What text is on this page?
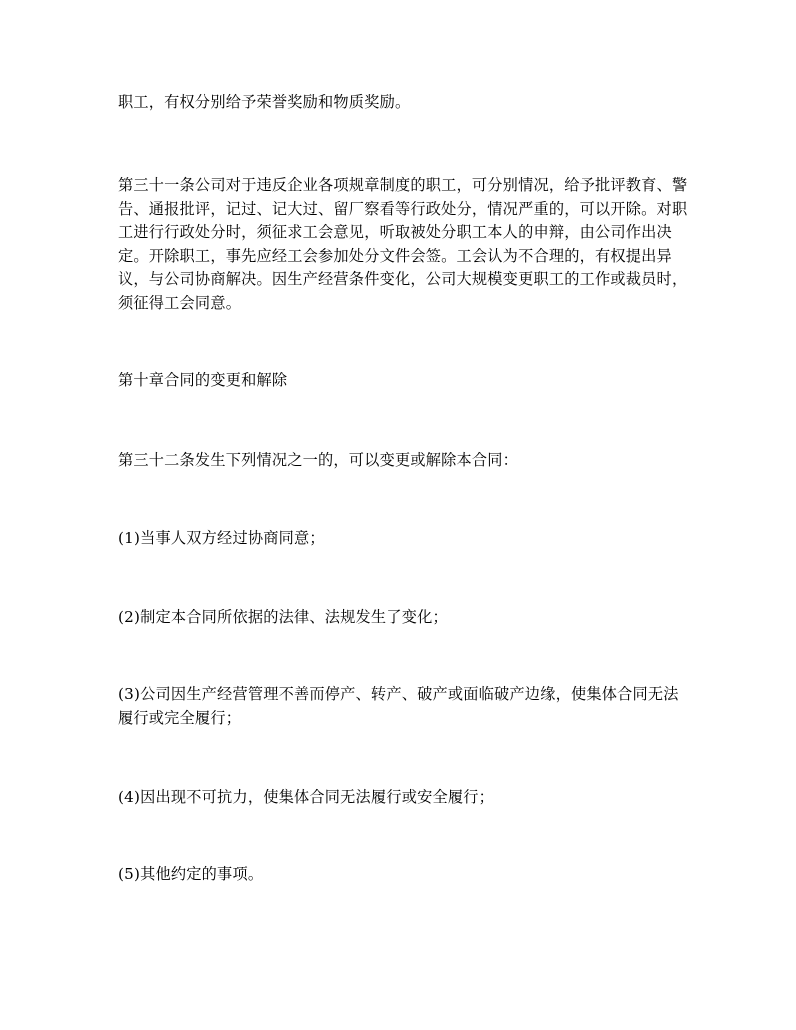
职工，有权分别给予荣誉奖励和物质奖励。

第三十一条公司对于违反企业各项规章制度的职工，可分别情况，给予批评教育、警告、通报批评，记过、记大过、留厂察看等行政处分，情况严重的，可以开除。对职工进行行政处分时，须征求工会意见，听取被处分职工本人的申辩，由公司作出决定。开除职工，事先应经工会参加处分文件会签。工会认为不合理的，有权提出异议，与公司协商解决。因生产经营条件变化，公司大规模变更职工的工作或裁员时，须征得工会同意。

第十章合同的变更和解除

第三十二条发生下列情况之一的，可以变更或解除本合同：

(1)当事人双方经过协商同意；

(2)制定本合同所依据的法律、法规发生了变化；

(3)公司因生产经营管理不善而停产、转产、破产或面临破产边缘，使集体合同无法履行或完全履行；

(4)因出现不可抗力，使集体合同无法履行或安全履行；

(5)其他约定的事项。
